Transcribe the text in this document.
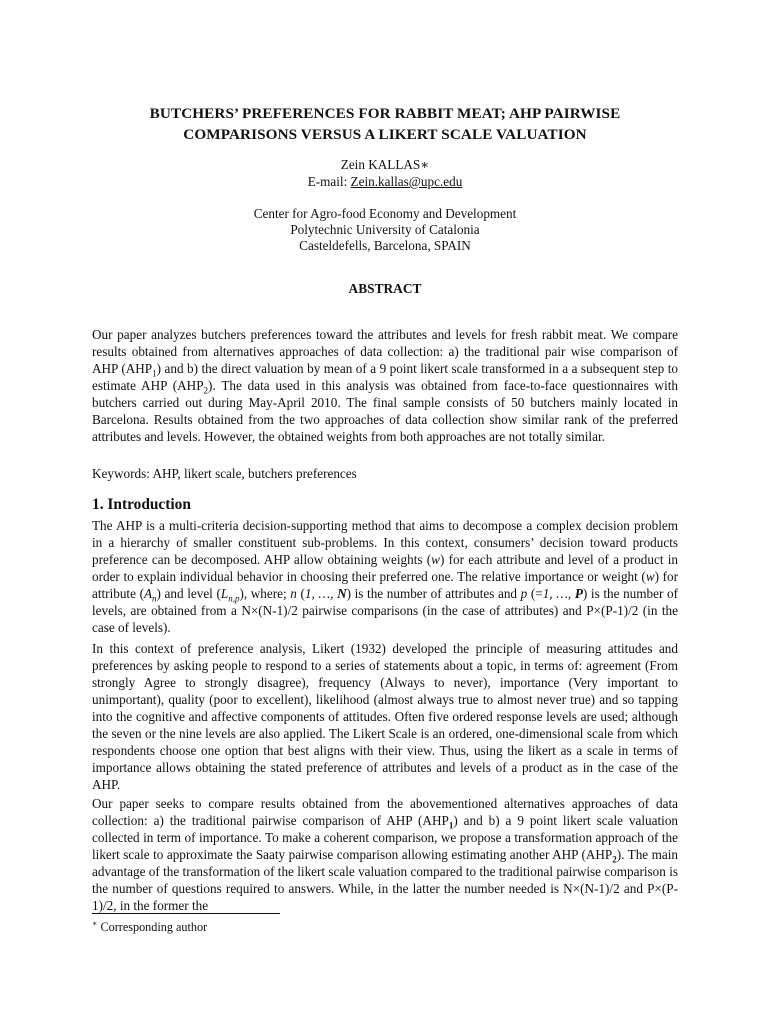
BUTCHERS’ PREFERENCES FOR RABBIT MEAT; AHP PAIRWISE
COMPARISONS VERSUS A LIKERT SCALE VALUATION
Zein KALLAS∗
E-mail: Zein.kallas@upc.edu
Center for Agro-food Economy and Development
Polytechnic University of Catalonia
Casteldefells, Barcelona, SPAIN
ABSTRACT

Our paper analyzes butchers preferences toward the attributes and levels for fresh rabbit meat. We compare results obtained from alternatives approaches of data collection: a) the traditional pair wise comparison of AHP $(AHP_1)$ and b) the direct valuation by mean of a 9 point likert scale transformed in a a subsequent step to estimate AHP $(AHP_2)$. The data used in this analysis was obtained from face-to-face questionnaires with butchers carried out during May-April 2010. The final sample consists of 50 butchers mainly located in Barcelona. Results obtained from the two approaches of data collection show similar rank of the preferred attributes and levels. However, the obtained weights from both approaches are not totally similar.

Keywords: AHP, likert scale, butchers preferences

1. Introduction

The AHP is a multi-criteria decision-supporting method that aims to decompose a complex decision problem in a hierarchy of smaller constituent sub-problems. In this context, consumers’ decision toward products preference can be decomposed. AHP allow obtaining weights (w) for each attribute and level of a product in order to explain individual behavior in choosing their preferred one. The relative importance or weight (w) for attribute $(A_n)$ and level $(L_{n,p})$, where; n (1, …, N) is the number of attributes and p (=1, …, P) is the number of levels, are obtained from a N×(N-1)/2 pairwise comparisons (in the case of attributes) and P×(P-1)/2 (in the case of levels).

In this context of preference analysis, Likert (1932) developed the principle of measuring attitudes and preferences by asking people to respond to a series of statements about a topic, in terms of: agreement (From strongly Agree to strongly disagree), frequency (Always to never), importance (Very important to unimportant), quality (poor to excellent), likelihood (almost always true to almost never true) and so tapping into the cognitive and affective components of attitudes. Often five ordered response levels are used; although the seven or the nine levels are also applied. The Likert Scale is an ordered, one-dimensional scale from which respondents choose one option that best aligns with their view. Thus, using the likert as a scale in terms of importance allows obtaining the stated preference of attributes and levels of a product as in the case of the AHP.

Our paper seeks to compare results obtained from the abovementioned alternatives approaches of data collection: a) the traditional pairwise comparison of AHP $(AHP_1)$ and b) a 9 point likert scale valuation collected in term of importance. To make a coherent comparison, we propose a transformation approach of the likert scale to approximate the Saaty pairwise comparison allowing estimating another AHP $(AHP_2)$. The main advantage of the transformation of the likert scale valuation compared to the traditional pairwise comparison is the number of questions required to answers. While, in the latter the number needed is N×(N-1)/2 and P×(P-1)/2, in the former the

∗ Corresponding author
